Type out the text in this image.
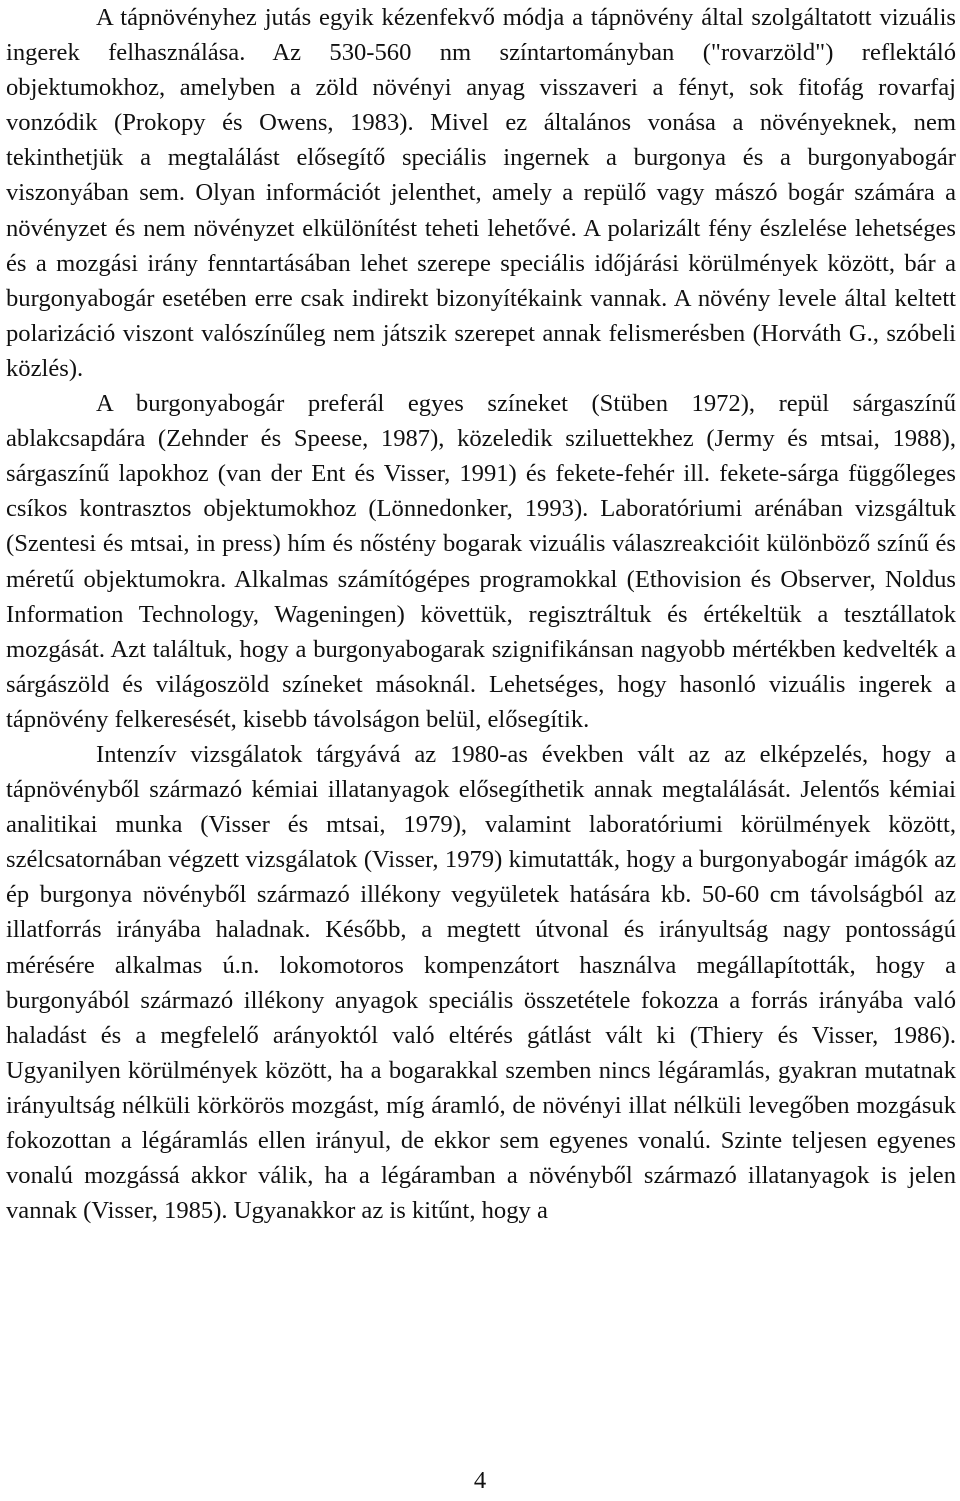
A tápnövényhez jutás egyik kézenfekvő módja a tápnövény által szolgáltatott vizuális ingerek felhasználása. Az 530-560 nm színtartományban ("rovarzöld") reflektáló objektumokhoz, amelyben a zöld növényi anyag visszaveri a fényt, sok fitofág rovarfaj vonzódik (Prokopy és Owens, 1983). Mivel ez általános vonása a növényeknek, nem tekinthetjük a megtalálást elősegítő speciális ingernek a burgonya és a burgonyabogár viszonyában sem. Olyan információt jelenthet, amely a repülő vagy mászó bogár számára a növényzet és nem növényzet elkülönítést teheti lehetővé. A polarizált fény észlelése lehetséges és a mozgási irány fenntartásában lehet szerepe speciális időjárási körülmények között, bár a burgonyabogár esetében erre csak indirekt bizonyítékaink vannak. A növény levele által keltett polarizáció viszont valószínűleg nem játszik szerepet annak felismerésben (Horváth G., szóbeli közlés).

A burgonyabogár preferál egyes színeket (Stüben 1972), repül sárgaszínű ablakcsapdára (Zehnder és Speese, 1987), közeledik sziluettekhez (Jermy és mtsai, 1988), sárgaszínű lapokhoz (van der Ent és Visser, 1991) és fekete-fehér ill. fekete-sárga függőleges csíkos kontrasztos objektumokhoz (Lönnedonker, 1993). Laboratóriumi arénában vizsgáltuk (Szentesi és mtsai, in press) hím és nőstény bogarak vizuális válaszreakcióit különböző színű és méretű objektumokra. Alkalmas számítógépes programokkal (Ethovision és Observer, Noldus Information Technology, Wageningen) követtük, regisztráltuk és értékeltük a tesztállatok mozgását. Azt találtuk, hogy a burgonyabogarak szignifikánsan nagyobb mértékben kedvelték a sárgászöld és világoszöld színeket másoknál. Lehetséges, hogy hasonló vizuális ingerek a tápnövény felkeresését, kisebb távolságon belül, elősegítik.

Intenzív vizsgálatok tárgyává az 1980-as években vált az az elképzelés, hogy a tápnövényből származó kémiai illatanyagok elősegíthetik annak megtalálását. Jelentős kémiai analitikai munka (Visser és mtsai, 1979), valamint laboratóriumi körülmények között, szélcsatornában végzett vizsgálatok (Visser, 1979) kimutatták, hogy a burgonyabogár imágók az ép burgonya növényből származó illékony vegyületek hatására kb. 50-60 cm távolságból az illatforrás irányába haladnak. Később, a megtett útvonal és irányultság nagy pontosságú mérésére alkalmas ú.n. lokomotoros kompenzátort használva megállapították, hogy a burgonyából származó illékony anyagok speciális összetétele fokozza a forrás irányába való haladást és a megfelelő arányoktól való eltérés gátlást vált ki (Thiery és Visser, 1986). Ugyanilyen körülmények között, ha a bogarakkal szemben nincs légáramlás, gyakran mutatnak irányultság nélküli körkörös mozgást, míg áramló, de növényi illat nélküli levegőben mozgásuk fokozottan a légáramlás ellen irányul, de ekkor sem egyenes vonalú. Szinte teljesen egyenes vonalú mozgássá akkor válik, ha a légáramban a növényből származó illatanyagok is jelen vannak (Visser, 1985). Ugyanakkor az is kitűnt, hogy a

4
